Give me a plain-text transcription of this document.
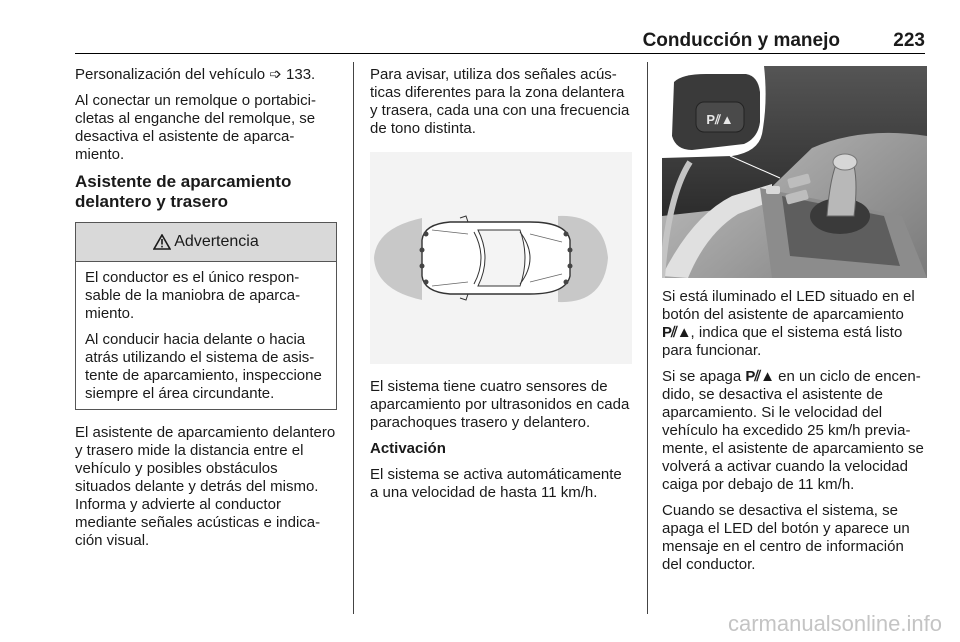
Conducción y manejo	223

Personalización del vehículo ➩ 133.

Al conectar un remolque o portabicicletas al enganche del remolque, se desactiva el asistente de aparcamiento.

Asistente de aparcamiento delantero y trasero
Advertencia

El conductor es el único responsable de la maniobra de aparcamiento.

Al conducir hacia delante o hacia atrás utilizando el sistema de asistente de aparcamiento, inspeccione siempre el área circundante.

El asistente de aparcamiento delantero y trasero mide la distancia entre el vehículo y posibles obstáculos situados delante y detrás del mismo. Informa y advierte al conductor mediante señales acústicas e indicación visual.

Para avisar, utiliza dos señales acústicas diferentes para la zona delantera y trasera, cada una con una frecuencia de tono distinta.

El sistema tiene cuatro sensores de aparcamiento por ultrasonidos en cada parachoques trasero y delantero.

Activación

El sistema se activa automáticamente a una velocidad de hasta 11 km/h.

P⫽▲

Si está iluminado el LED situado en el botón del asistente de aparcamiento P⫽▲, indica que el sistema está listo para funcionar.

Si se apaga P⫽▲ en un ciclo de encendido, se desactiva el asistente de aparcamiento. Si le velocidad del vehículo ha excedido 25 km/h previamente, el asistente de aparcamiento se volverá a activar cuando la velocidad caiga por debajo de 11 km/h.

Cuando se desactiva el sistema, se apaga el LED del botón y aparece un mensaje en el centro de información del conductor.

carmanualsonline.info
